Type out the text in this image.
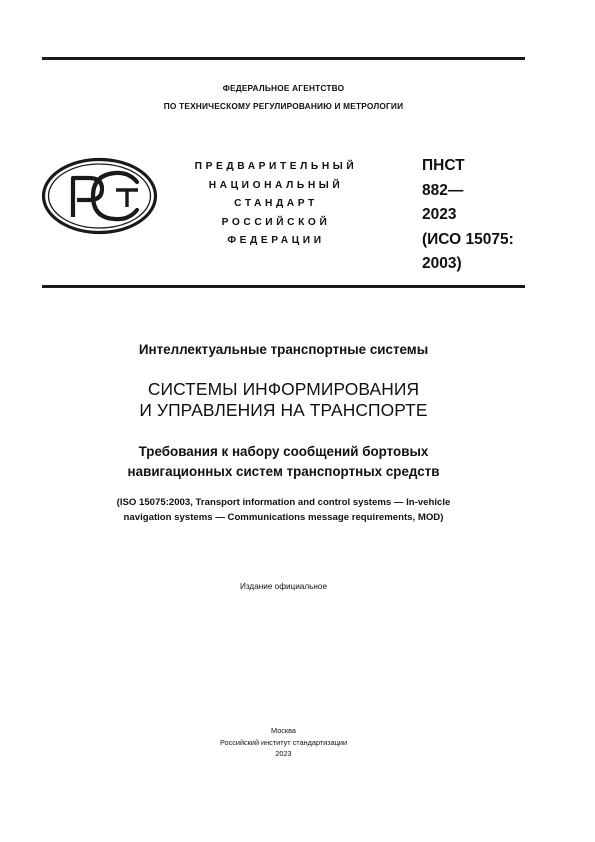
ФЕДЕРАЛЬНОЕ АГЕНТСТВО
ПО ТЕХНИЧЕСКОМУ РЕГУЛИРОВАНИЮ И МЕТРОЛОГИИ
ПРЕДВАРИТЕЛЬНЫЙ
НАЦИОНАЛЬНЫЙ
СТАНДАРТ
РОССИЙСКОЙ
ФЕДЕРАЦИИ
ПНСТ
882—
2023
(ИСО 15075:
2003)
Интеллектуальные транспортные системы
СИСТЕМЫ ИНФОРМИРОВАНИЯ
И УПРАВЛЕНИЯ НА ТРАНСПОРТЕ
Требования к набору сообщений бортовых
навигационных систем транспортных средств
(ISO 15075:2003, Transport information and control systems — In-vehicle
navigation systems — Communications message requirements, MOD)
Издание официальное
Москва
Российский институт стандартизации
2023
